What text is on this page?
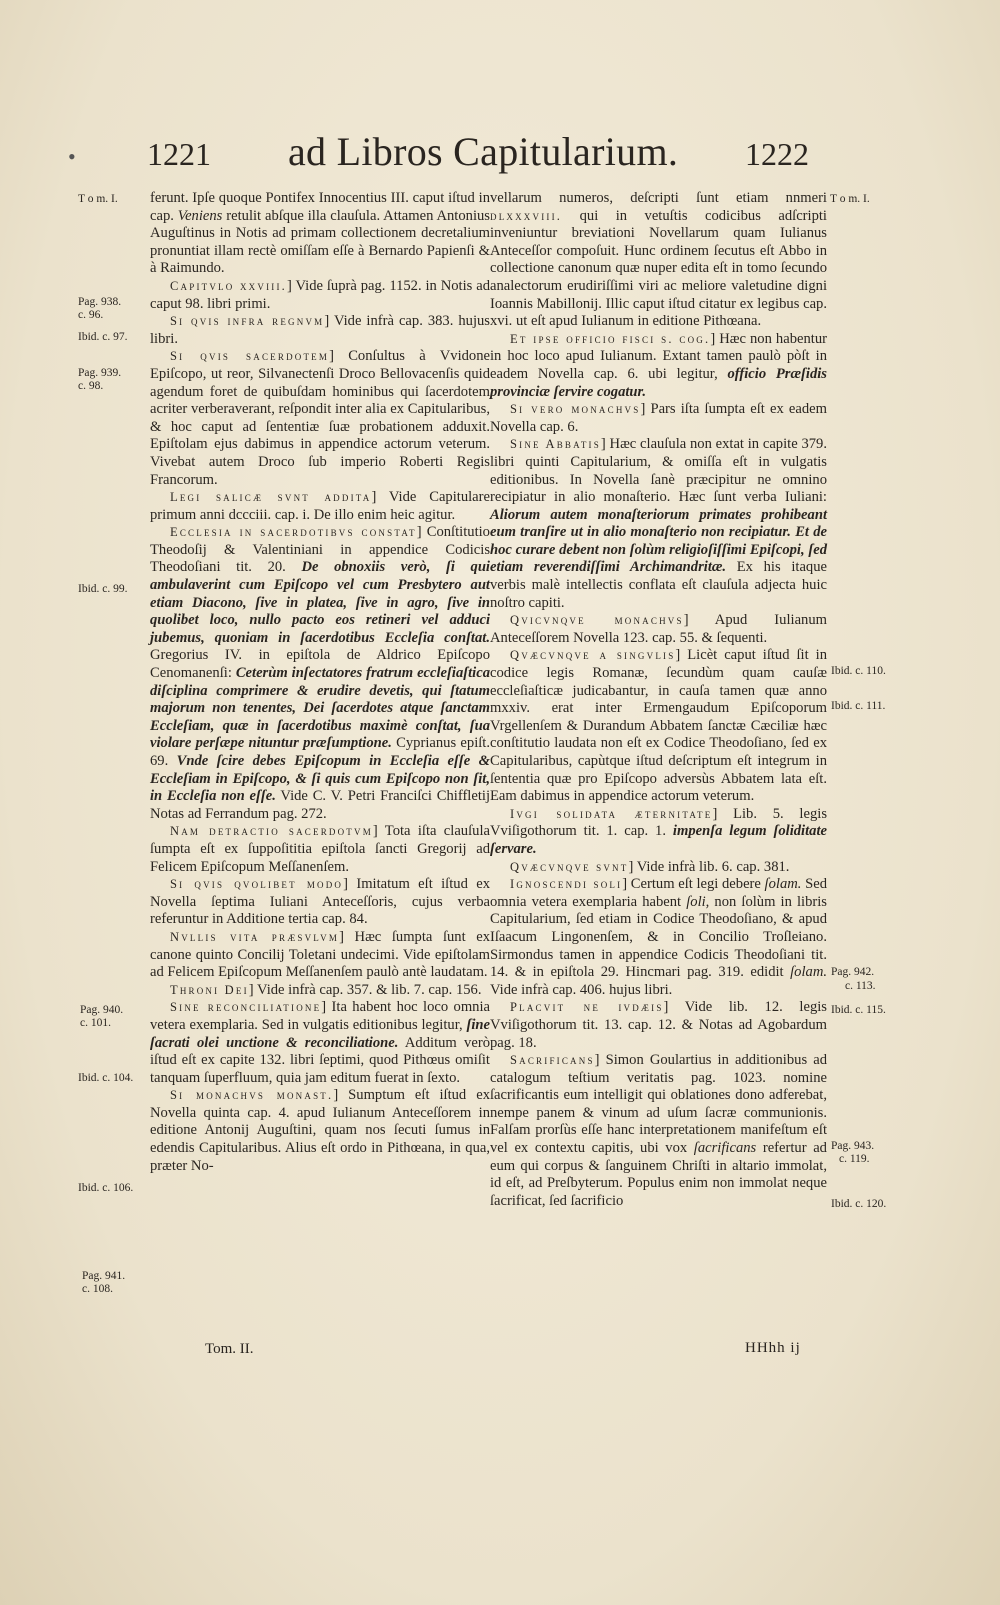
• 1221 ad Libros Capitularium. 1222
T o m. I.
Pag. 938.
c. 96.
Ibid. c. 97.
Pag. 939.
c. 98.
Ibid. c. 99.
Pag. 940.
c. 101.
Ibid. c. 104.
Ibid. c. 106.
Pag. 941.
c. 108.
T o m. I.
Ibid. c. 110.
Ibid. c. 111.
Pag. 942.
c. 113.
Ibid. c. 115.
Pag. 943.
c. 119.
Ibid. c. 120.

ferunt. Ipſe quoque Pontifex Innocentius III. caput iſtud in cap. Veniens retulit abſque illa clauſula. Attamen Antonius Auguſtinus in Notis ad primam collectionem decretalium pronuntiat illam rectè omiſſam eſſe à Bernardo Papienſi & à Raimundo.

Capitvlo xxviii.] Vide ſuprà pag. 1152. in Notis ad caput 98. libri primi.

Si qvis infra regnvm] Vide infrà cap. 383. hujus libri.

Si qvis sacerdotem] Conſultus à Vvidone Epiſcopo, ut reor, Silvanectenſi Droco Bellovacenſis quid agendum foret de quibuſdam hominibus qui ſacerdotem acriter verberaverant, reſpondit inter alia ex Capitularibus, & hoc caput ad ſententiæ ſuæ probationem adduxit. Epiſtolam ejus dabimus in appendice actorum veterum. Vivebat autem Droco ſub imperio Roberti Regis Francorum.

Legi salicæ svnt addita] Vide Capitulare primum anni dccciii. cap. i. De illo enim heic agitur.

Ecclesia in sacerdotibvs constat] Conſtitutio Theodoſij & Valentiniani in appendice Codicis Theodoſiani tit. 20. De obnoxiis verò, ſi qui ambulaverint cum Epiſcopo vel cum Presbytero aut etiam Diacono, ſive in platea, ſive in agro, ſive in quolibet loco, nullo pacto eos retineri vel adduci jubemus, quoniam in ſacerdotibus Eccleſia conſtat. Gregorius IV. in epiſtola de Aldrico Epiſcopo Cenomanenſi: Ceterùm inſectatores fratrum eccleſiaſtica diſciplina comprimere & erudire devetis, qui ſtatum majorum non tenentes, Dei ſacerdotes atque ſanctam Eccleſiam, quæ in ſacerdotibus maximè conſtat, ſua violare perſæpe nituntur præſumptione. Cyprianus epiſt. 69. Vnde ſcire debes Epiſcopum in Eccleſia eſſe & Eccleſiam in Epiſcopo, & ſi quis cum Epiſcopo non ſit, in Eccleſia non eſſe. Vide C. V. Petri Franciſci Chiffletij Notas ad Ferrandum pag. 272.

Nam detractio sacerdotvm] Tota iſta clauſula ſumpta eſt ex ſuppoſititia epiſtola ſancti Gregorij ad Felicem Epiſcopum Meſſanenſem.

Si qvis qvolibet modo] Imitatum eſt iſtud ex Novella ſeptima Iuliani Anteceſſoris, cujus verba referuntur in Additione tertia cap. 84.

Nvllis vita præsvlvm] Hæc ſumpta ſunt ex canone quinto Concilij Toletani undecimi. Vide epiſtolam ad Felicem Epiſcopum Meſſanenſem paulò antè laudatam.

Throni Dei] Vide infrà cap. 357. & lib. 7. cap. 156.

Sine reconciliatione] Ita habent hoc loco omnia vetera exemplaria. Sed in vulgatis editionibus legitur, ſine ſacrati olei unctione & reconciliatione. Additum verò iſtud eſt ex capite 132. libri ſeptimi, quod Pithœus omiſit tanquam ſuperfluum, quia jam editum fuerat in ſexto.

Si monachvs monast.] Sumptum eſt iſtud ex Novella quinta cap. 4. apud Iulianum Anteceſſorem in editione Antonij Auguſtini, quam nos ſecuti ſumus in edendis Capitularibus. Alius eſt ordo in Pithœana, in qua, præter No-

vellarum numeros, deſcripti ſunt etiam nnmeri dlxxxviii. qui in vetuſtis codicibus adſcripti inveniuntur breviationi Novellarum quam Iulianus Anteceſſor compoſuit. Hunc ordinem ſecutus eſt Abbo in collectione canonum quæ nuper edita eſt in tomo ſecundo analectorum erudiriſſimi viri ac meliore valetudine digni Ioannis Mabillonij. Illic caput iſtud citatur ex legibus cap. xvi. ut eſt apud Iulianum in editione Pithœana.

Et ipse officio fisci s. cog.] Hæc non habentur in hoc loco apud Iulianum. Extant tamen paulò pòſt in eadem Novella cap. 6. ubi legitur, officio Præſidis provinciæ ſervire cogatur.

Si vero monachvs] Pars iſta ſumpta eſt ex eadem Novella cap. 6.

Sine Abbatis] Hæc clauſula non extat in capite 379. libri quinti Capitularium, & omiſſa eſt in vulgatis editionibus. In Novella ſanè præcipitur ne omnino recipiatur in alio monaſterio. Hæc ſunt verba Iuliani: Aliorum autem monaſteriorum primates prohibeant eum tranſire ut in alio monaſterio non recipiatur. Et de hoc curare debent non ſolùm religioſiſſimi Epiſcopi, ſed etiam reverendiſſimi Archimandritæ. Ex his itaque verbis malè intellectis conflata eſt clauſula adjecta huic noſtro capiti.

Qvicvnqve monachvs] Apud Iulianum Anteceſſorem Novella 123. cap. 55. & ſequenti.

Qvæcvnqve a singvlis] Licèt caput iſtud ſit in codice legis Romanæ, ſecundùm quam cauſæ eccleſiaſticæ judicabantur, in cauſa tamen quæ anno mxxiv. erat inter Ermengaudum Epiſcoporum Vrgellenſem & Durandum Abbatem ſanctæ Cæciliæ hæc conſtitutio laudata non eſt ex Codice Theodoſiano, ſed ex Capitularibus, capùtque iſtud deſcriptum eſt integrum in ſententia quæ pro Epiſcopo adversùs Abbatem lata eſt. Eam dabimus in appendice actorum veterum.

Ivgi solidata æternitate] Lib. 5. legis Vviſigothorum tit. 1. cap. 1. impenſa legum ſoliditate ſervare.

Qvæcvnqve svnt] Vide infrà lib. 6. cap. 381.

Ignoscendi soli] Certum eſt legi debere ſolam. Sed omnia vetera exemplaria habent ſoli, non ſolùm in libris Capitularium, ſed etiam in Codice Theodoſiano, & apud Iſaacum Lingonenſem, & in Concilio Troſleiano. Sirmondus tamen in appendice Codicis Theodoſiani tit. 14. & in epiſtola 29. Hincmari pag. 319. edidit ſolam. Vide infrà cap. 406. hujus libri.

Placvit ne ivdæis] Vide lib. 12. legis Vviſigothorum tit. 13. cap. 12. & Notas ad Agobardum pag. 18.

Sacrificans] Simon Goulartius in additionibus ad catalogum teſtium veritatis pag. 1023. nomine ſacrificantis eum intelligit qui oblationes dono adferebat, nempe panem & vinum ad uſum ſacræ communionis. Falſam prorſùs eſſe hanc interpretationem manifeſtum eſt vel ex contextu capitis, ubi vox ſacrificans refertur ad eum qui corpus & ſanguinem Chriſti in altario immolat, id eſt, ad Preſbyterum. Populus enim non immolat neque ſacrificat, ſed ſacrificio

Tom. II.	HHhh ij
